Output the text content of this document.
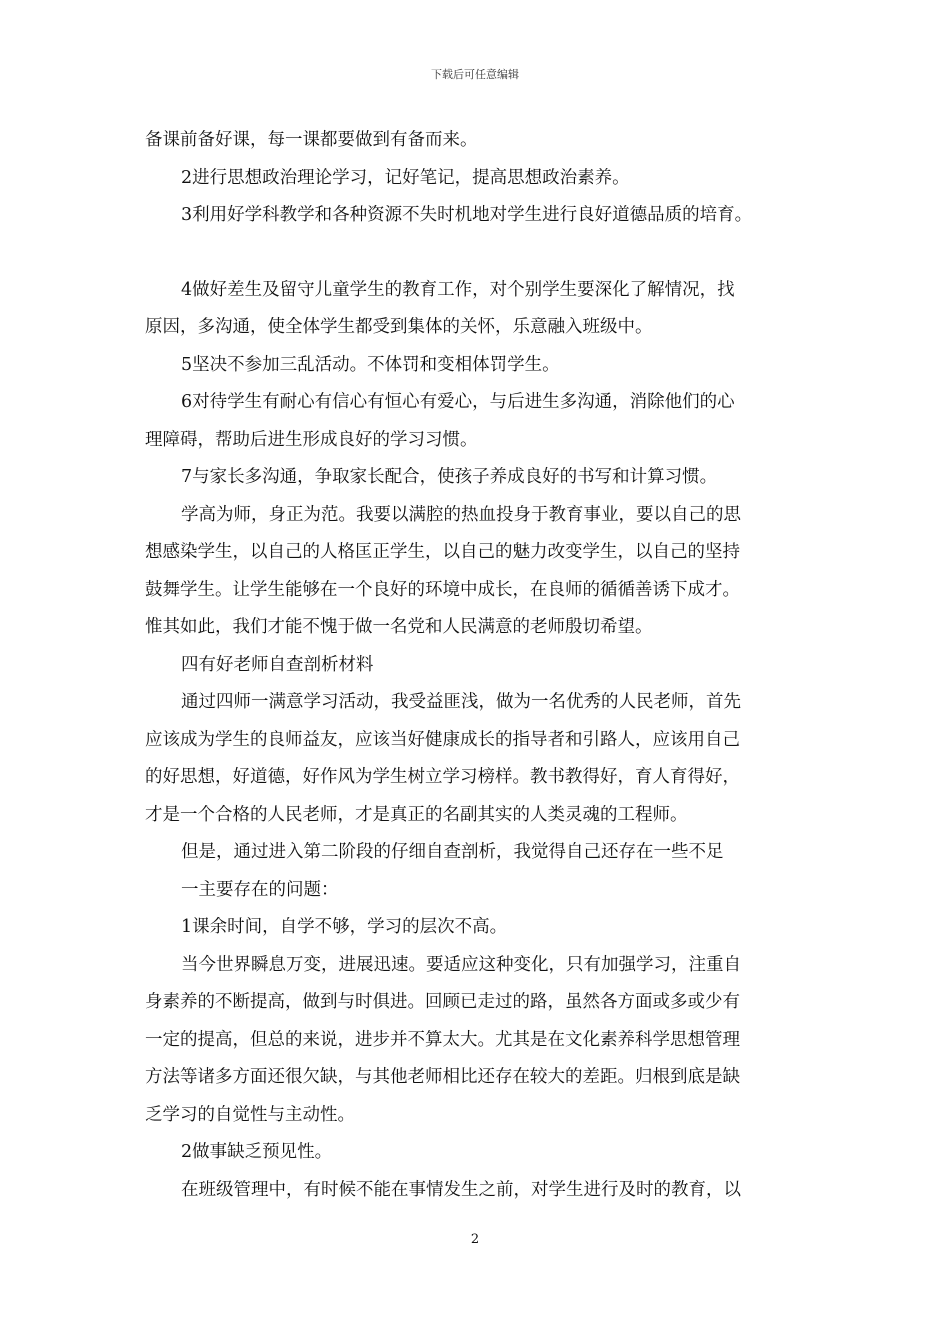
下载后可任意编辑

备课前备好课，每一课都要做到有备而来。

2进行思想政治理论学习，记好笔记，提高思想政治素养。

3利用好学科教学和各种资源不失时机地对学生进行良好道德品质的培育。

4做好差生及留守儿童学生的教育工作，对个别学生要深化了解情况，找

原因，多沟通，使全体学生都受到集体的关怀，乐意融入班级中。

5坚决不参加三乱活动。不体罚和变相体罚学生。

6对待学生有耐心有信心有恒心有爱心，与后进生多沟通，消除他们的心

理障碍，帮助后进生形成良好的学习习惯。

7与家长多沟通，争取家长配合，使孩子养成良好的书写和计算习惯。

学高为师，身正为范。我要以满腔的热血投身于教育事业，要以自己的思

想感染学生，以自己的人格匡正学生，以自己的魅力改变学生，以自己的坚持

鼓舞学生。让学生能够在一个良好的环境中成长，在良师的循循善诱下成才。

惟其如此，我们才能不愧于做一名党和人民满意的老师殷切希望。

四有好老师自查剖析材料

通过四师一满意学习活动，我受益匪浅，做为一名优秀的人民老师，首先

应该成为学生的良师益友，应该当好健康成长的指导者和引路人，应该用自己

的好思想，好道德，好作风为学生树立学习榜样。教书教得好，育人育得好，

才是一个合格的人民老师，才是真正的名副其实的人类灵魂的工程师。

但是，通过进入第二阶段的仔细自查剖析，我觉得自己还存在一些不足

一主要存在的问题：

1课余时间，自学不够，学习的层次不高。

当今世界瞬息万变，进展迅速。要适应这种变化，只有加强学习，注重自

身素养的不断提高，做到与时俱进。回顾已走过的路，虽然各方面或多或少有

一定的提高，但总的来说，进步并不算太大。尤其是在文化素养科学思想管理

方法等诸多方面还很欠缺，与其他老师相比还存在较大的差距。归根到底是缺

乏学习的自觉性与主动性。

2做事缺乏预见性。

在班级管理中，有时候不能在事情发生之前，对学生进行及时的教育，以

2
